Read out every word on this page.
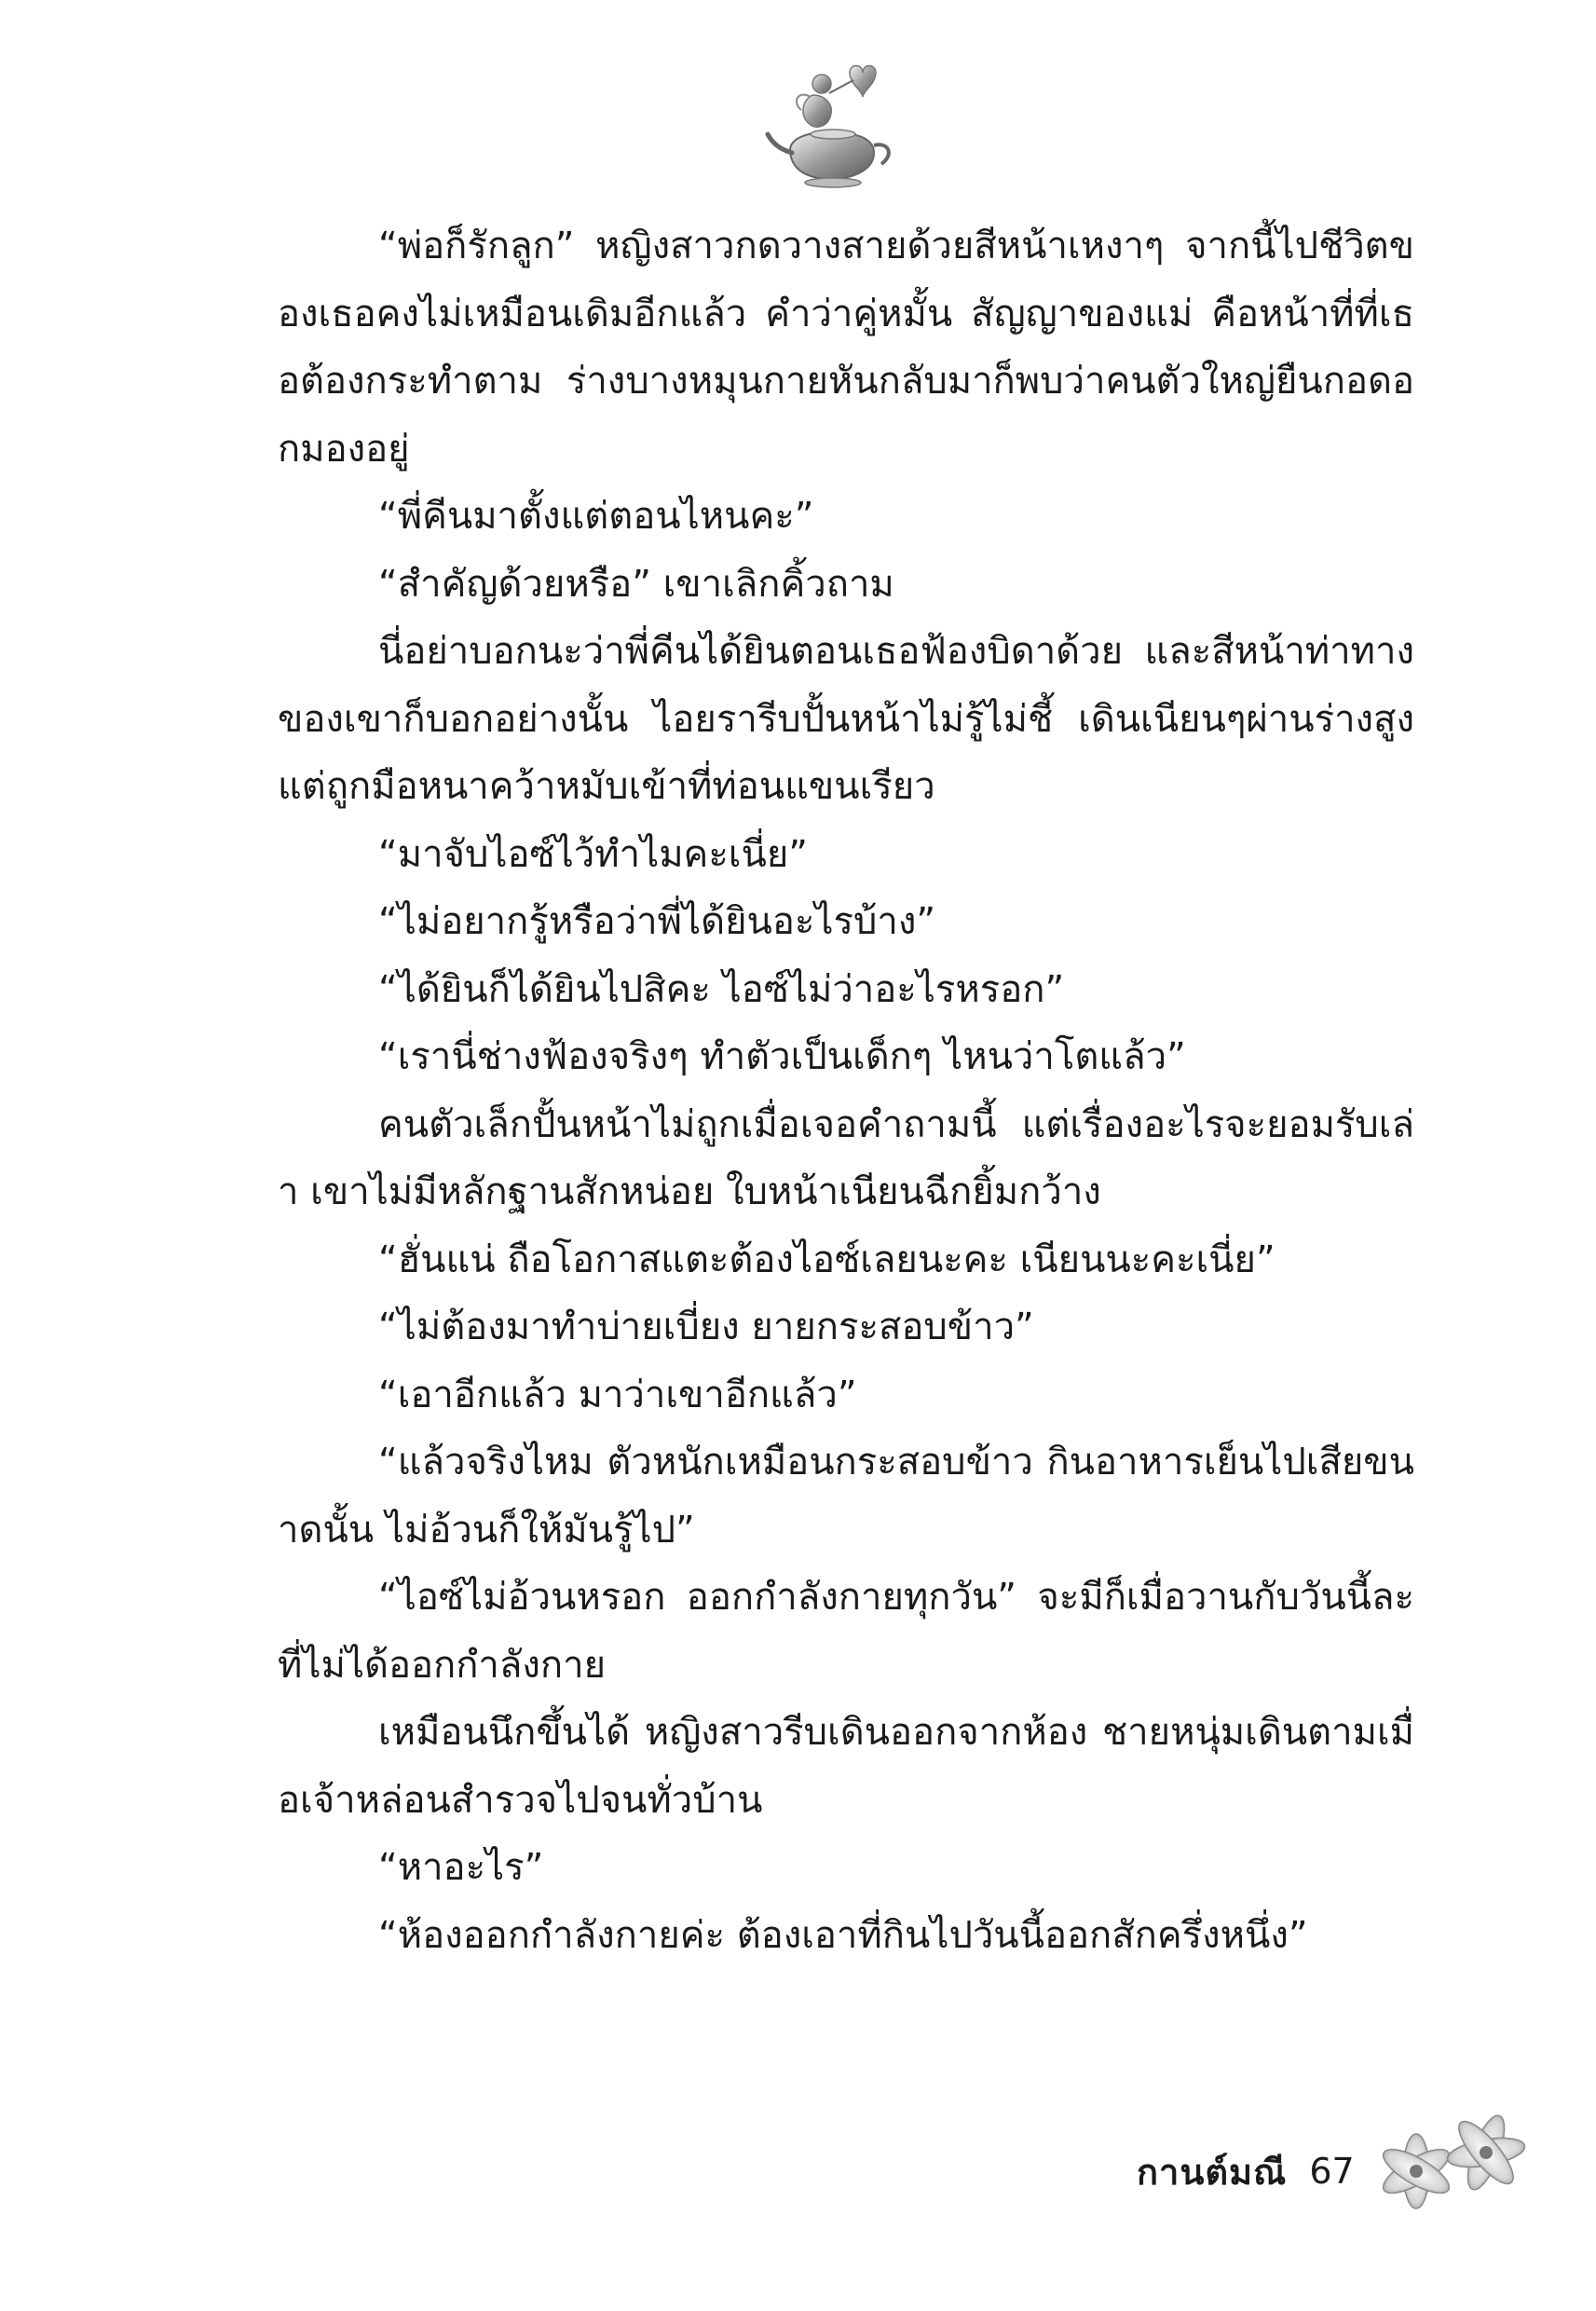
“พ่อก็รักลูก” หญิงสาวกดวางสายด้วยสีหน้าเหงาๆ จากนี้ไปชีวิตของเธอคงไม่เหมือนเดิมอีกแล้ว คำว่าคู่หมั้น สัญญาของแม่ คือหน้าที่ที่เธอต้องกระทำตาม ร่างบางหมุนกายหันกลับมาก็พบว่าคนตัวใหญ่ยืนกอดอกมองอยู่

“พี่คีนมาตั้งแต่ตอนไหนคะ”

“สำคัญด้วยหรือ” เขาเลิกคิ้วถาม

นี่อย่าบอกนะว่าพี่คีนได้ยินตอนเธอฟ้องบิดาด้วย และสีหน้าท่าทางของเขาก็บอกอย่างนั้น ไอยรารีบปั้นหน้าไม่รู้ไม่ชี้ เดินเนียนๆผ่านร่างสูง แต่ถูกมือหนาคว้าหมับเข้าที่ท่อนแขนเรียว

“มาจับไอซ์ไว้ทำไมคะเนี่ย”

“ไม่อยากรู้หรือว่าพี่ได้ยินอะไรบ้าง”

“ได้ยินก็ได้ยินไปสิคะ ไอซ์ไม่ว่าอะไรหรอก”

“เรานี่ช่างฟ้องจริงๆ ทำตัวเป็นเด็กๆ ไหนว่าโตแล้ว”

คนตัวเล็กปั้นหน้าไม่ถูกเมื่อเจอคำถามนี้ แต่เรื่องอะไรจะยอมรับเล่า เขาไม่มีหลักฐานสักหน่อย ใบหน้าเนียนฉีกยิ้มกว้าง

“ฮั่นแน่ ถือโอกาสแตะต้องไอซ์เลยนะคะ เนียนนะคะเนี่ย”

“ไม่ต้องมาทำบ่ายเบี่ยง ยายกระสอบข้าว”

“เอาอีกแล้ว มาว่าเขาอีกแล้ว”

“แล้วจริงไหม ตัวหนักเหมือนกระสอบข้าว กินอาหารเย็นไปเสียขนาดนั้น ไม่อ้วนก็ให้มันรู้ไป”

“ไอซ์ไม่อ้วนหรอก ออกกำลังกายทุกวัน” จะมีก็เมื่อวานกับวันนี้ละที่ไม่ได้ออกกำลังกาย

เหมือนนึกขึ้นได้ หญิงสาวรีบเดินออกจากห้อง ชายหนุ่มเดินตามเมื่อเจ้าหล่อนสำรวจไปจนทั่วบ้าน

“หาอะไร”

“ห้องออกกำลังกายค่ะ ต้องเอาที่กินไปวันนี้ออกสักครึ่งหนึ่ง”

กานต์มณี 67
